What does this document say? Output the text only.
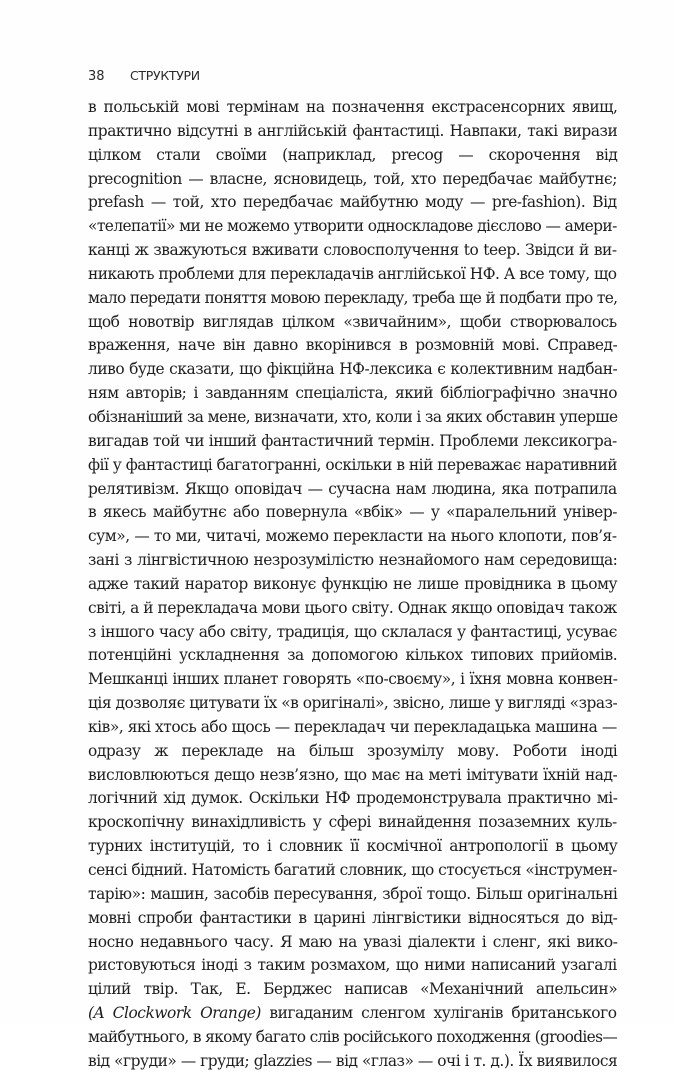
38 СТРУКТУРИ
в польській мові термінам на позначення екстрасенсорних явищ,
практично відсутні в англійській фантастиці. Навпаки, такі вирази
цілком стали своїми (наприклад, precog — скорочення від
precognition — власне, ясновидець, той, хто передбачає майбутнє;
prefash — той, хто передбачає майбутню моду — pre-fashion). Від
«телепатії» ми не можемо утворити односкладове дієслово — амери-
канці ж зважуються вживати словосполучення to teep. Звідси й ви-
никають проблеми для перекладачів англійської НФ. А все тому, що
мало передати поняття мовою перекладу, треба ще й подбати про те,
щоб новотвір виглядав цілком «звичайним», щоби створювалось
враження, наче він давно вкорінився в розмовній мові. Справед-
ливо буде сказати, що фікційна НФ-лексика є колективним надбан-
ням авторів; і завданням спеціаліста, який бібліографічно значно
обізнаніший за мене, визначати, хто, коли і за яких обставин уперше
вигадав той чи інший фантастичний термін. Проблеми лексикогра-
фії у фантастиці багатогранні, оскільки в ній переважає наративний
релятивізм. Якщо оповідач — сучасна нам людина, яка потрапила
в якесь майбутнє або повернула «вбік» — у «паралельний універ-
сум», — то ми, читачі, можемо перекласти на нього клопоти, пов’я-
зані з лінгвістичною незрозумілістю незнайомого нам середовища:
адже такий наратор виконує функцію не лише провідника в цьому
світі, а й перекладача мови цього світу. Однак якщо оповідач також
з іншого часу або світу, традиція, що склалася у фантастиці, усуває
потенційні ускладнення за допомогою кількох типових прийомів.
Мешканці інших планет говорять «по-своєму», і їхня мовна конвен-
ція дозволяє цитувати їх «в оригіналі», звісно, лише у вигляді «зраз-
ків», які хтось або щось — перекладач чи перекладацька машина —
одразу ж перекладе на більш зрозумілу мову. Роботи іноді
висловлюються дещо незв’язно, що має на меті імітувати їхній над-
логічний хід думок. Оскільки НФ продемонструвала практично мі-
кроскопічну винахідливість у сфері винайдення позаземних куль-
турних інституцій, то і словник її космічної антропології в цьому
сенсі бідний. Натомість багатий словник, що стосується «інструмен-
тарію»: машин, засобів пересування, зброї тощо. Більш оригінальні
мовні спроби фантастики в царині лінгвістики відносяться до від-
носно недавнього часу. Я маю на увазі діалекти і сленг, які вико-
ристовуються іноді з таким розмахом, що ними написаний узагалі
цілий твір. Так, Е. Берджес написав «Механічний апельсин»
(A Clockwork Orange) вигаданим сленгом хуліганів британського
майбутнього, в якому багато слів російського походження (groodies—
від «груди» — груди; glazzies — від «глаз» — очі і т. д.). Їх виявилося
